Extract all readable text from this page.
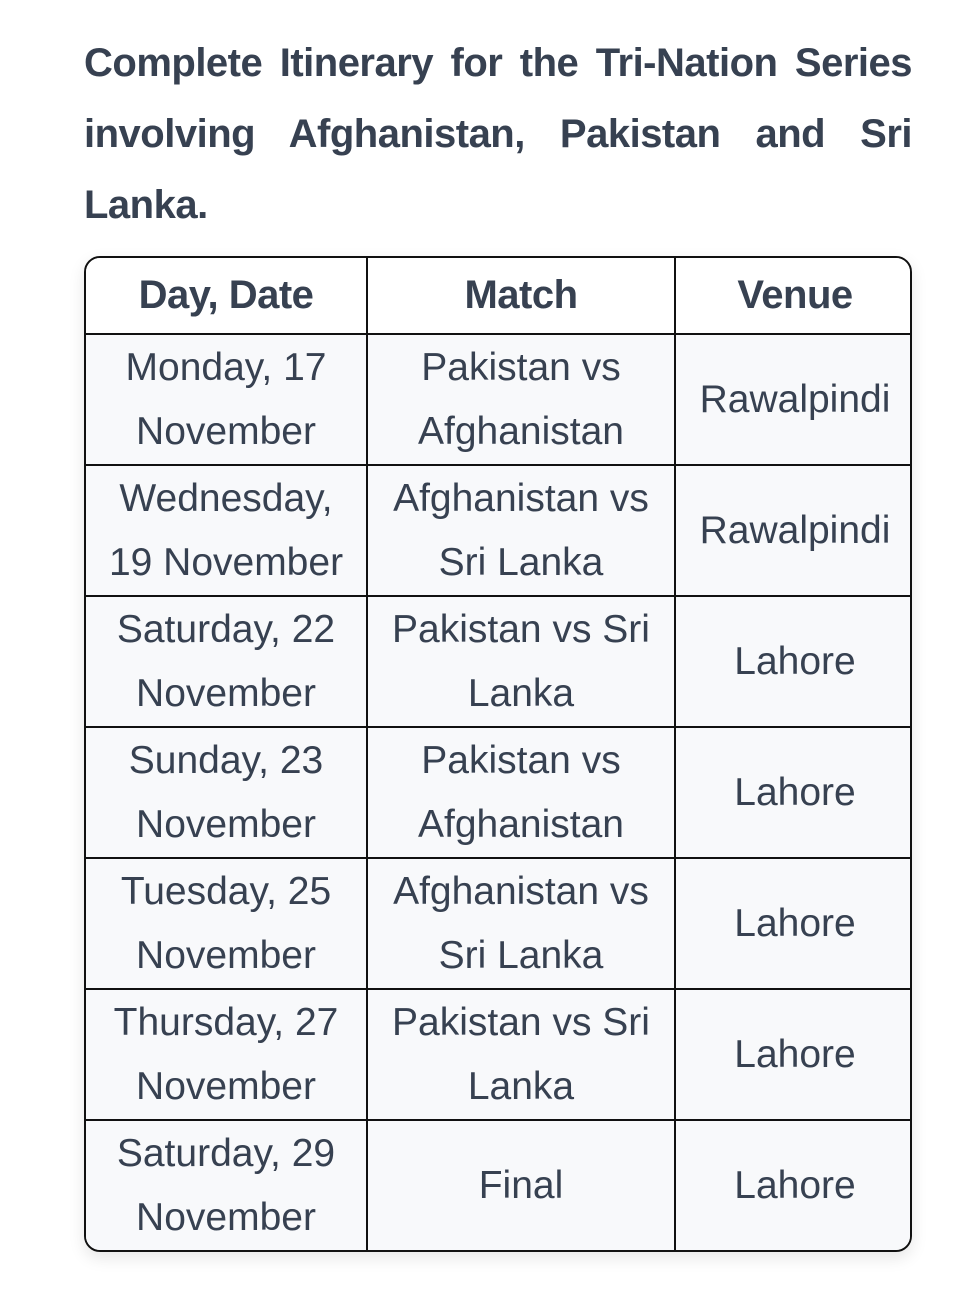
Complete Itinerary for the Tri-Nation Series involving Afghanistan, Pakistan and Sri Lanka.

Day, Date	Match	Venue
Monday, 17 November	Pakistan vs Afghanistan	Rawalpindi
Wednesday, 19 November	Afghanistan vs Sri Lanka	Rawalpindi
Saturday, 22 November	Pakistan vs Sri Lanka	Lahore
Sunday, 23 November	Pakistan vs Afghanistan	Lahore
Tuesday, 25 November	Afghanistan vs Sri Lanka	Lahore
Thursday, 27 November	Pakistan vs Sri Lanka	Lahore
Saturday, 29 November	Final	Lahore
